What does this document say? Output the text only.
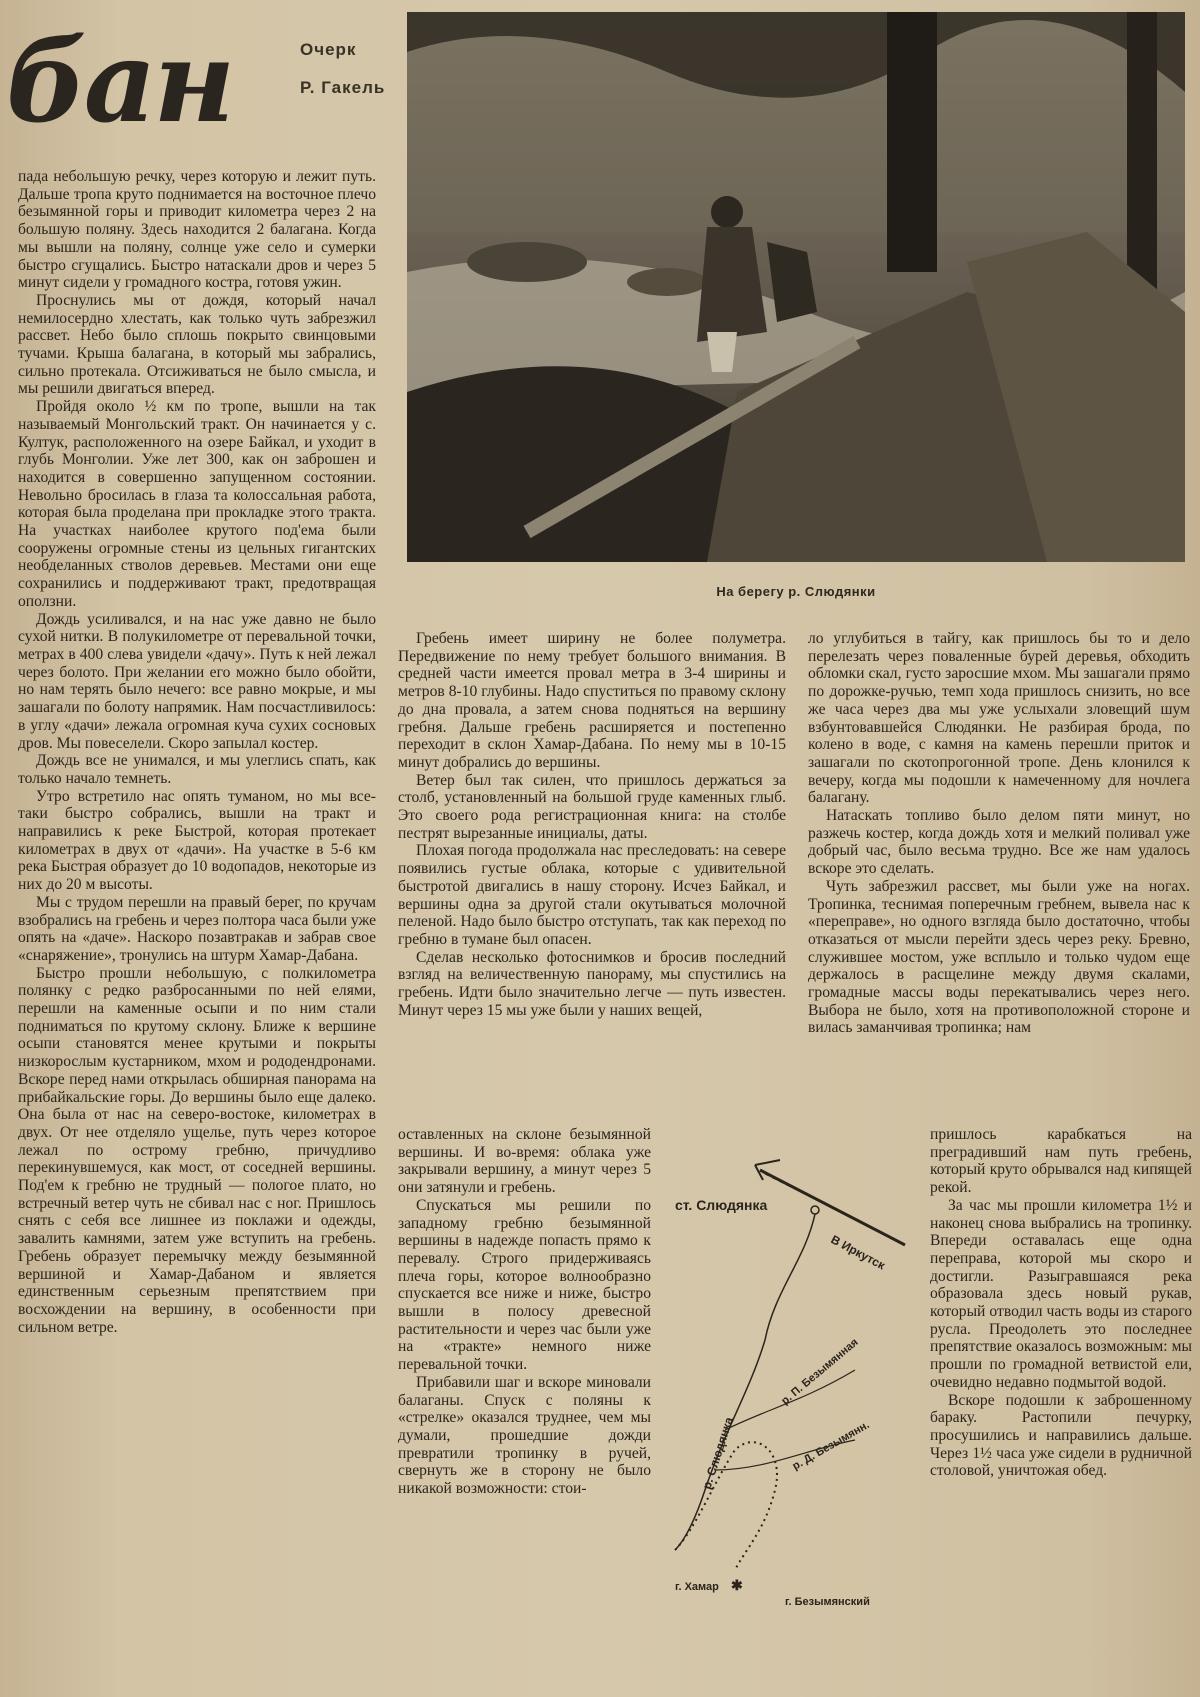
бан	Очерк
Р. Гакель
На берегу р. Слюдянки

пада небольшую речку, через которую и лежит путь. Дальше тропа круто поднимается на восточное плечо безымянной горы и приводит километра через 2 на большую поляну. Здесь находится 2 балагана. Когда мы вышли на поляну, солнце уже село и сумерки быстро сгущались. Быстро натаскали дров и через 5 минут сидели у громадного костра, готовя ужин.

Проснулись мы от дождя, который начал немилосердно хлестать, как только чуть забрезжил рассвет. Небо было сплошь покрыто свинцовыми тучами. Крыша балагана, в который мы забрались, сильно протекала. Отсиживаться не было смысла, и мы решили двигаться вперед.

Пройдя около ½ км по тропе, вышли на так называемый Монгольский тракт. Он начинается у с. Култук, расположенного на озере Байкал, и уходит в глубь Монголии. Уже лет 300, как он заброшен и находится в совершенно запущенном состоянии. Невольно бросилась в глаза та колоссальная работа, которая была проделана при прокладке этого тракта. На участках наиболее крутого под'ема были сооружены огромные стены из цельных гигантских необделанных стволов деревьев. Местами они еще сохранились и поддерживают тракт, предотвращая оползни.

Дождь усиливался, и на нас уже давно не было сухой нитки. В полукилометре от перевальной точки, метрах в 400 слева увидели «дачу». Путь к ней лежал через болото. При желании его можно было обойти, но нам терять было нечего: все равно мокрые, и мы зашагали по болоту напрямик. Нам посчастливилось: в углу «дачи» лежала огромная куча сухих сосновых дров. Мы повеселели. Скоро запылал костер.

Дождь все не унимался, и мы улеглись спать, как только начало темнеть.

Утро встретило нас опять туманом, но мы все-таки быстро собрались, вышли на тракт и направились к реке Быстрой, которая протекает километрах в двух от «дачи». На участке в 5-6 км река Быстрая образует до 10 водопадов, некоторые из них до 20 м высоты.

Мы с трудом перешли на правый берег, по кручам взобрались на гребень и через полтора часа были уже опять на «даче». Наскоро позавтракав и забрав свое «снаряжение», тронулись на штурм Хамар-Дабана.

Быстро прошли небольшую, с полкилометра полянку с редко разбросанными по ней елями, перешли на каменные осыпи и по ним стали подниматься по крутому склону. Ближе к вершине осыпи становятся менее крутыми и покрыты низкорослым кустарником, мхом и рододендронами. Вскоре перед нами открылась обширная панорама на прибайкальские горы. До вершины было еще далеко. Она была от нас на северо-востоке, километрах в двух. От нее отделяло ущелье, путь через которое лежал по острому гребню, причудливо перекинувшемуся, как мост, от соседней вершины. Под'ем к гребню не трудный — пологое плато, но встречный ветер чуть не сбивал нас с ног. Пришлось снять с себя все лишнее из поклажи и одежды, завалить камнями, затем уже вступить на гребень. Гребень образует перемычку между безымянной вершиной и Хамар-Дабаном и является единственным серьезным препятствием при восхождении на вершину, в особенности при сильном ветре.

Гребень имеет ширину не более полуметра. Передвижение по нему требует большого внимания. В средней части имеется провал метра в 3-4 ширины и метров 8-10 глубины. Надо спуститься по правому склону до дна провала, а затем снова подняться на вершину гребня. Дальше гребень расширяется и постепенно переходит в склон Хамар-Дабана. По нему мы в 10-15 минут добрались до вершины.

Ветер был так силен, что пришлось держаться за столб, установленный на большой груде каменных глыб. Это своего рода регистрационная книга: на столбе пестрят вырезанные инициалы, даты.

Плохая погода продолжала нас преследовать: на севере появились густые облака, которые с удивительной быстротой двигались в нашу сторону. Исчез Байкал, и вершины одна за другой стали окутываться молочной пеленой. Надо было быстро отступать, так как переход по гребню в тумане был опасен.

Сделав несколько фотоснимков и бросив последний взгляд на величественную панораму, мы спустились на гребень. Идти было значительно легче — путь известен. Минут через 15 мы уже были у наших вещей,

оставленных на склоне безымянной вершины. И во-время: облака уже закрывали вершину, а минут через 5 они затянули и гребень.

Спускаться мы решили по западному гребню безымянной вершины в надежде попасть прямо к перевалу. Строго придерживаясь плеча горы, которое волнообразно спускается все ниже и ниже, быстро вышли в полосу древесной растительности и через час были уже на «тракте» немного ниже перевальной точки.

Прибавили шаг и вскоре миновали балаганы. Спуск с поляны к «стрелке» оказался труднее, чем мы думали, прошедшие дожди превратили тропинку в ручей, свернуть же в сторону не было никакой возможности: стои-

ло углубиться в тайгу, как пришлось бы то и дело перелезать через поваленные бурей деревья, обходить обломки скал, густо заросшие мхом. Мы зашагали прямо по дорожке-ручью, темп хода пришлось снизить, но все же часа через два мы уже услыхали зловещий шум взбунтовавшейся Слюдянки. Не разбирая брода, по колено в воде, с камня на камень перешли приток и зашагали по скотопрогонной тропе. День клонился к вечеру, когда мы подошли к намеченному для ночлега балагану.

Натаскать топливо было делом пяти минут, но разжечь костер, когда дождь хотя и мелкий поливал уже добрый час, было весьма трудно. Все же нам удалось вскоре это сделать.

Чуть забрезжил рассвет, мы были уже на ногах. Тропинка, теснимая поперечным гребнем, вывела нас к «переправе», но одного взгляда было достаточно, чтобы отказаться от мысли перейти здесь через реку. Бревно, служившее мостом, уже всплыло и только чудом еще держалось в расщелине между двумя скалами, громадные массы воды перекатывались через него. Выбора не было, хотя на противоположной стороне и вилась заманчивая тропинка; нам

пришлось карабкаться на преградивший нам путь гребень, который круто обрывался над кипящей рекой.

За час мы прошли километра 1½ и наконец снова выбрались на тропинку. Впереди оставалась еще одна переправа, которой мы скоро и достигли. Разыгравшаяся река образовала здесь новый рукав, который отводил часть воды из старого русла. Преодолеть это последнее препятствие оказалось возможным: мы прошли по громадной ветвистой ели, очевидно недавно подмытой водой.

Вскоре подошли к заброшенному бараку. Растопили печурку, просушились и направились дальше. Через 1½ часа уже сидели в рудничной столовой, уничтожая обед.

В Иркутск
ст. Слюдянка
р. Слюдянка
р. П. Безымянная
р. Д. Безымянн.
г. Хамар ✱
г. Безымянский
